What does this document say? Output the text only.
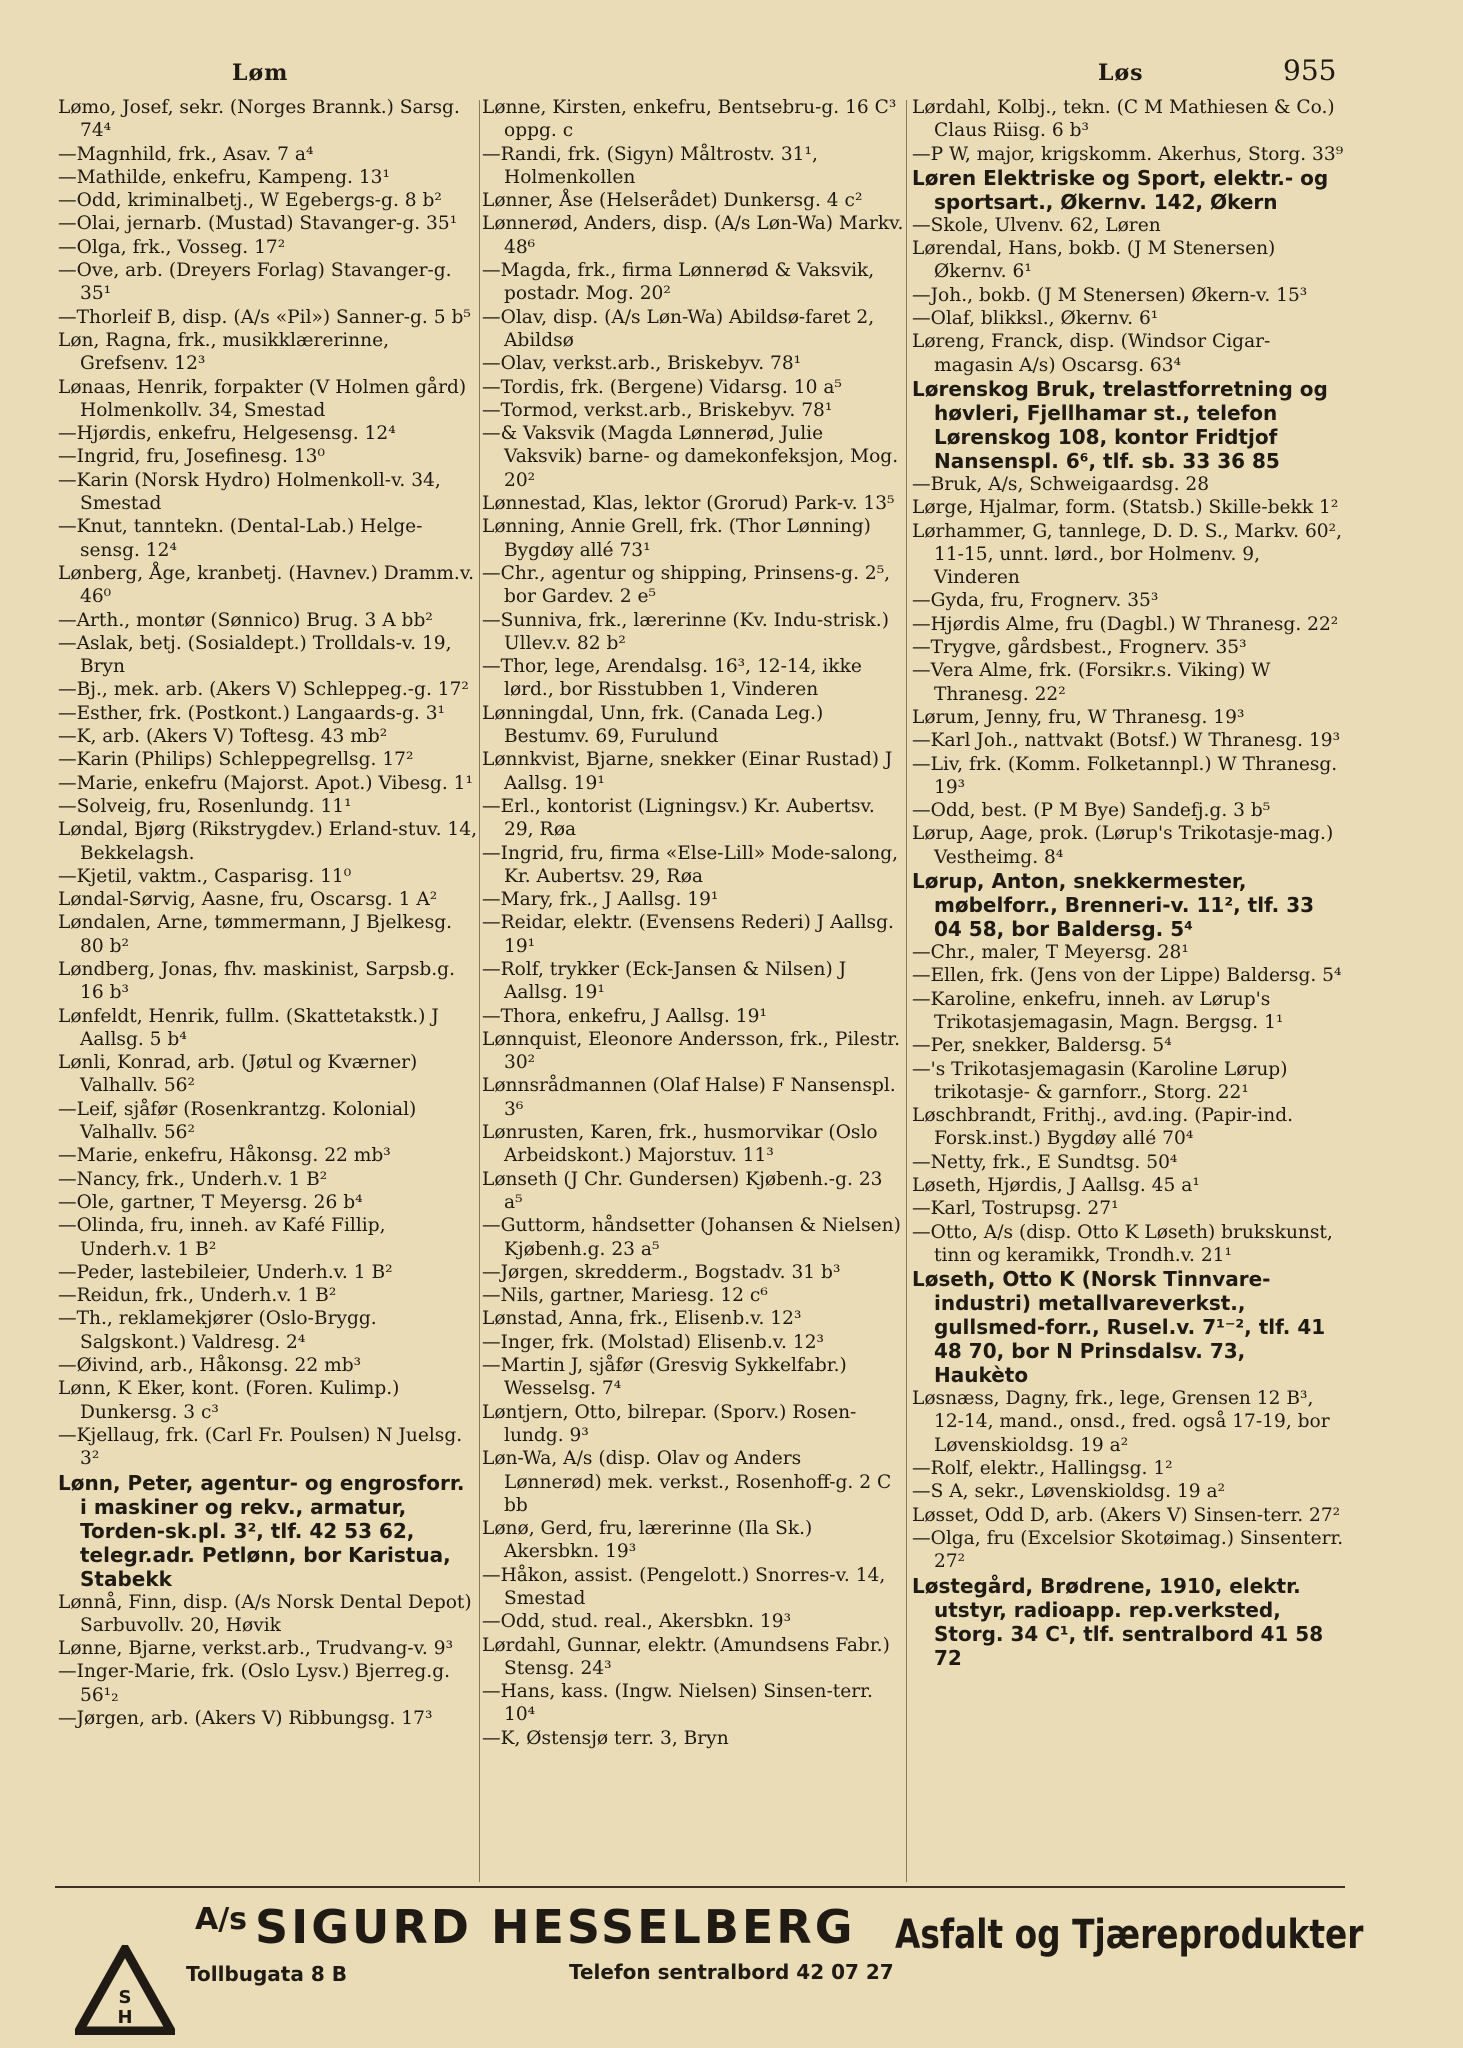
Løm	Løs	955
Lømo, Josef, sekr. (Norges Brannk.) Sarsg. 74⁴
—Magnhild, frk., Asav. 7 a⁴
—Mathilde, enkefru, Kampeng. 13¹
—Odd, kriminalbetj., W Egebergs-g. 8 b²
—Olai, jernarb. (Mustad) Stavanger-g. 35¹
—Olga, frk., Vosseg. 17²
—Ove, arb. (Dreyers Forlag) Stavanger-g. 35¹
—Thorleif B, disp. (A/s «Pil») Sanner-g. 5 b⁵
Løn, Ragna, frk., musikklærerinne, Grefsenv. 12³
Lønaas, Henrik, forpakter (V Holmen gård) Holmenkollv. 34, Smestad
—Hjørdis, enkefru, Helgesensg. 12⁴
—Ingrid, fru, Josefinesg. 13⁰
—Karin (Norsk Hydro) Holmenkoll-v. 34, Smestad
—Knut, tanntekn. (Dental-Lab.) Helge-sensg. 12⁴
Lønberg, Åge, kranbetj. (Havnev.) Dramm.v. 46⁰
—Arth., montør (Sønnico) Brug. 3 A bb²
—Aslak, betj. (Sosialdept.) Trolldals-v. 19, Bryn
—Bj., mek. arb. (Akers V) Schleppeg.-g. 17²
—Esther, frk. (Postkont.) Langaards-g. 3¹
—K, arb. (Akers V) Toftesg. 43 mb²
—Karin (Philips) Schleppegrellsg. 17²
—Marie, enkefru (Majorst. Apot.) Vibesg. 1¹
—Solveig, fru, Rosenlundg. 11¹
Løndal, Bjørg (Rikstrygdev.) Erland-stuv. 14, Bekkelagsh.
—Kjetil, vaktm., Casparisg. 11⁰
Løndal-Sørvig, Aasne, fru, Oscarsg. 1 A²
Løndalen, Arne, tømmermann, J Bjelkesg. 80 b²
Løndberg, Jonas, fhv. maskinist, Sarpsb.g. 16 b³
Lønfeldt, Henrik, fullm. (Skattetakstk.) J Aallsg. 5 b⁴
Lønli, Konrad, arb. (Jøtul og Kværner) Valhallv. 56²
—Leif, sjåfør (Rosenkrantzg. Kolonial) Valhallv. 56²
—Marie, enkefru, Håkonsg. 22 mb³
—Nancy, frk., Underh.v. 1 B²
—Ole, gartner, T Meyersg. 26 b⁴
—Olinda, fru, inneh. av Kafé Fillip, Underh.v. 1 B²
—Peder, lastebileier, Underh.v. 1 B²
—Reidun, frk., Underh.v. 1 B²
—Th., reklamekjører (Oslo-Brygg. Salgskont.) Valdresg. 2⁴
—Øivind, arb., Håkonsg. 22 mb³
Lønn, K Eker, kont. (Foren. Kulimp.) Dunkersg. 3 c³
—Kjellaug, frk. (Carl Fr. Poulsen) N Juelsg. 3²
Lønn, Peter, agentur- og engrosforr. i maskiner og rekv., armatur, Torden-sk.pl. 3², tlf. 42 53 62, telegr.adr. Petlønn, bor Karistua, Stabekk
Lønnå, Finn, disp. (A/s Norsk Dental Depot) Sarbuvollv. 20, Høvik
Lønne, Bjarne, verkst.arb., Trudvang-v. 9³
—Inger-Marie, frk. (Oslo Lysv.) Bjerreg.g. 56¹₂
—Jørgen, arb. (Akers V) Ribbungsg. 17³
Lønne, Kirsten, enkefru, Bentsebru-g. 16 C³ oppg. c
—Randi, frk. (Sigyn) Måltrostv. 31¹, Holmenkollen
Lønner, Åse (Helserådet) Dunkersg. 4 c²
Lønnerød, Anders, disp. (A/s Løn-Wa) Markv. 48⁶
—Magda, frk., firma Lønnerød & Vaksvik, postadr. Mog. 20²
—Olav, disp. (A/s Løn-Wa) Abildsø-faret 2, Abildsø
—Olav, verkst.arb., Briskebyv. 78¹
—Tordis, frk. (Bergene) Vidarsg. 10 a⁵
—Tormod, verkst.arb., Briskebyv. 78¹
—& Vaksvik (Magda Lønnerød, Julie Vaksvik) barne- og damekonfeksjon, Mog. 20²
Lønnestad, Klas, lektor (Grorud) Park-v. 13⁵
Lønning, Annie Grell, frk. (Thor Lønning) Bygdøy allé 73¹
—Chr., agentur og shipping, Prinsens-g. 2⁵, bor Gardev. 2 e⁵
—Sunniva, frk., lærerinne (Kv. Indu-strisk.) Ullev.v. 82 b²
—Thor, lege, Arendalsg. 16³, 12-14, ikke lørd., bor Risstubben 1, Vinderen
Lønningdal, Unn, frk. (Canada Leg.) Bestumv. 69, Furulund
Lønnkvist, Bjarne, snekker (Einar Rustad) J Aallsg. 19¹
—Erl., kontorist (Ligningsv.) Kr. Aubertsv. 29, Røa
—Ingrid, fru, firma «Else-Lill» Mode-salong, Kr. Aubertsv. 29, Røa
—Mary, frk., J Aallsg. 19¹
—Reidar, elektr. (Evensens Rederi) J Aallsg. 19¹
—Rolf, trykker (Eck-Jansen & Nilsen) J Aallsg. 19¹
—Thora, enkefru, J Aallsg. 19¹
Lønnquist, Eleonore Andersson, frk., Pilestr. 30²
Lønnsrådmannen (Olaf Halse) F Nansenspl. 3⁶
Lønrusten, Karen, frk., husmorvikar (Oslo Arbeidskont.) Majorstuv. 11³
Lønseth (J Chr. Gundersen) Kjøbenh.-g. 23 a⁵
—Guttorm, håndsetter (Johansen & Nielsen) Kjøbenh.g. 23 a⁵
—Jørgen, skredderm., Bogstadv. 31 b³
—Nils, gartner, Mariesg. 12 c⁶
Lønstad, Anna, frk., Elisenb.v. 12³
—Inger, frk. (Molstad) Elisenb.v. 12³
—Martin J, sjåfør (Gresvig Sykkelfabr.) Wesselsg. 7⁴
Løntjern, Otto, bilrepar. (Sporv.) Rosen-lundg. 9³
Løn-Wa, A/s (disp. Olav og Anders Lønnerød) mek. verkst., Rosenhoff-g. 2 C bb
Lønø, Gerd, fru, lærerinne (Ila Sk.) Akersbkn. 19³
—Håkon, assist. (Pengelott.) Snorres-v. 14, Smestad
—Odd, stud. real., Akersbkn. 19³
Lørdahl, Gunnar, elektr. (Amundsens Fabr.) Stensg. 24³
—Hans, kass. (Ingw. Nielsen) Sinsen-terr. 10⁴
—K, Østensjø terr. 3, Bryn
Lørdahl, Kolbj., tekn. (C M Mathiesen & Co.) Claus Riisg. 6 b³
—P W, major, krigskomm. Akerhus, Storg. 33⁹
Løren Elektriske og Sport, elektr.- og sportsart., Økernv. 142, Økern
—Skole, Ulvenv. 62, Løren
Lørendal, Hans, bokb. (J M Stenersen) Økernv. 6¹
—Joh., bokb. (J M Stenersen) Økern-v. 15³
—Olaf, blikksl., Økernv. 6¹
Løreng, Franck, disp. (Windsor Cigar-magasin A/s) Oscarsg. 63⁴
Lørenskog Bruk, trelastforretning og høvleri, Fjellhamar st., telefon Lørenskog 108, kontor Fridtjof Nansenspl. 6⁶, tlf. sb. 33 36 85
—Bruk, A/s, Schweigaardsg. 28
Lørge, Hjalmar, form. (Statsb.) Skille-bekk 1²
Lørhammer, G, tannlege, D. D. S., Markv. 60², 11-15, unnt. lørd., bor Holmenv. 9, Vinderen
—Gyda, fru, Frognerv. 35³
—Hjørdis Alme, fru (Dagbl.) W Thranesg. 22²
—Trygve, gårdsbest., Frognerv. 35³
—Vera Alme, frk. (Forsikr.s. Viking) W Thranesg. 22²
Lørum, Jenny, fru, W Thranesg. 19³
—Karl Joh., nattvakt (Botsf.) W Thranesg. 19³
—Liv, frk. (Komm. Folketannpl.) W Thranesg. 19³
—Odd, best. (P M Bye) Sandefj.g. 3 b⁵
Lørup, Aage, prok. (Lørup's Trikotasje-mag.) Vestheimg. 8⁴
Lørup, Anton, snekkermester, møbelforr., Brenneri-v. 11², tlf. 33 04 58, bor Baldersg. 5⁴
—Chr., maler, T Meyersg. 28¹
—Ellen, frk. (Jens von der Lippe) Baldersg. 5⁴
—Karoline, enkefru, inneh. av Lørup's Trikotasjemagasin, Magn. Bergsg. 1¹
—Per, snekker, Baldersg. 5⁴
—'s Trikotasjemagasin (Karoline Lørup) trikotasje- & garnforr., Storg. 22¹
Løschbrandt, Frithj., avd.ing. (Papir-ind. Forsk.inst.) Bygdøy allé 70⁴
—Netty, frk., E Sundtsg. 50⁴
Løseth, Hjørdis, J Aallsg. 45 a¹
—Karl, Tostrupsg. 27¹
—Otto, A/s (disp. Otto K Løseth) brukskunst, tinn og keramikk, Trondh.v. 21¹
Løseth, Otto K (Norsk Tinnvare-industri) metallvareverkst., gullsmed-forr., Rusel.v. 7¹⁻², tlf. 41 48 70, bor N Prinsdalsv. 73, Haukèto
Løsnæss, Dagny, frk., lege, Grensen 12 B³, 12-14, mand., onsd., fred. også 17-19, bor Løvenskioldsg. 19 a²
—Rolf, elektr., Hallingsg. 1²
—S A, sekr., Løvenskioldsg. 19 a²
Løsset, Odd D, arb. (Akers V) Sinsen-terr. 27²
—Olga, fru (Excelsior Skotøimag.) Sinsenterr. 27²
Løstegård, Brødrene, 1910, elektr. utstyr, radioapp. rep.verksted, Storg. 34 C¹, tlf. sentralbord 41 58 72
S
H
A/s SIGURD HESSELBERG
Tollbugata 8 B	Telefon sentralbord 42 07 27
Asfalt og Tjæreprodukter
